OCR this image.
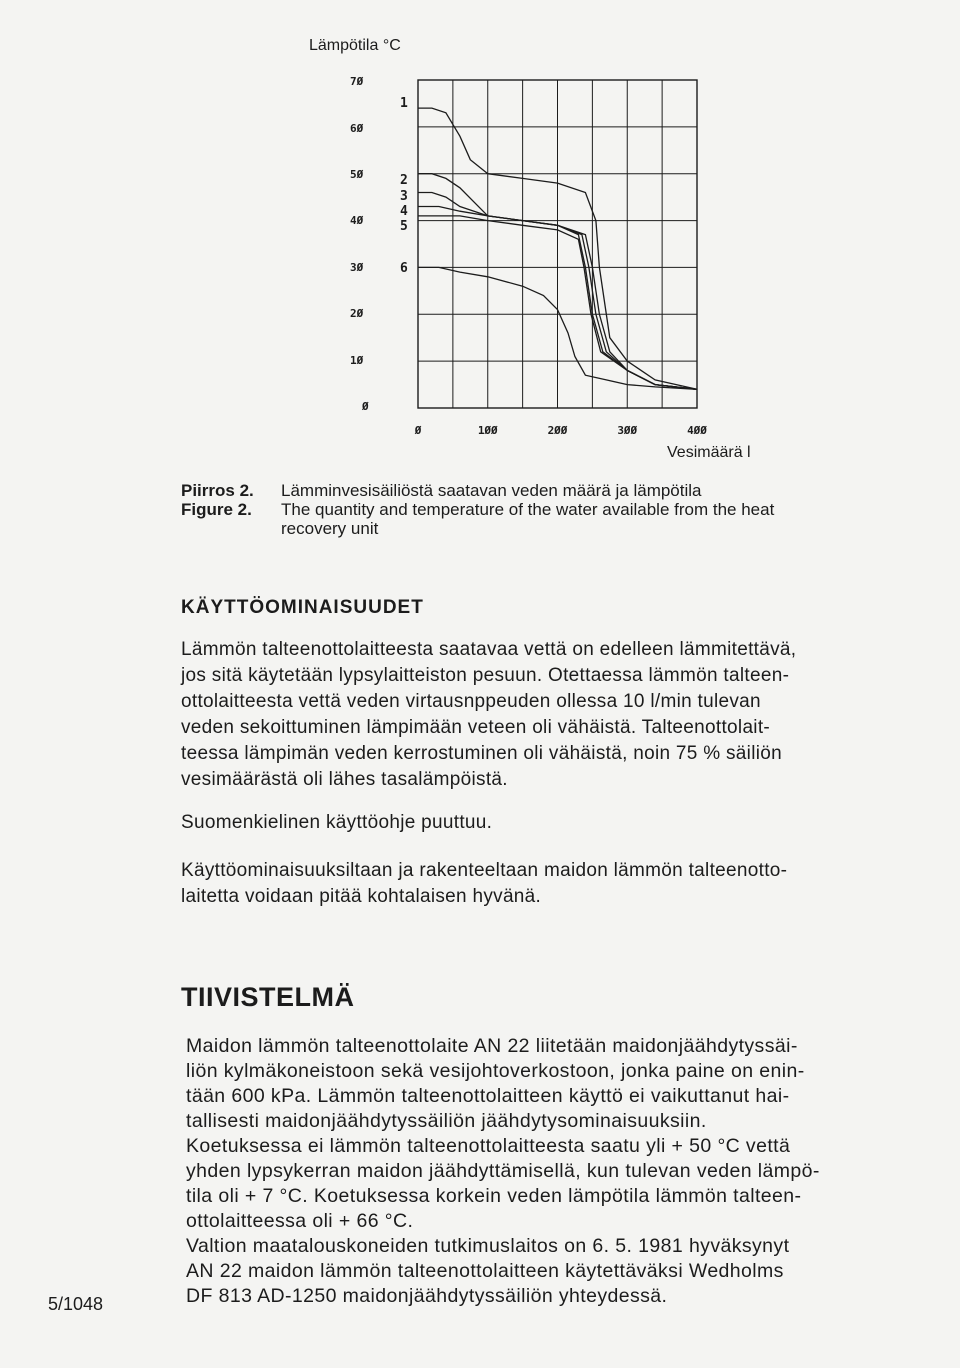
Lämpötila °C
7Ø
6Ø
5Ø
4Ø
3Ø
2Ø
1Ø
Ø
1
2
3
4
5
6
Ø	1ØØ	2ØØ	3ØØ	4ØØ
Vesimäärä l
Piirros 2. Lämminvesisäiliöstä saatavan veden määrä ja lämpötila
Figure 2. The quantity and temperature of the water available from the heat
recovery unit
KÄYTTÖOMINAISUUDET

Lämmön talteenottolaitteesta saatavaa vettä on edelleen lämmitettävä,

jos sitä käytetään lypsylaitteiston pesuun. Otettaessa lämmön talteen-

ottolaitteesta vettä veden virtausnppeuden ollessa 10 l/min tulevan

veden sekoittuminen lämpimään veteen oli vähäistä. Talteenottolait-

teessa lämpimän veden kerrostuminen oli vähäistä, noin 75 % säiliön

vesimäärästä oli lähes tasalämpöistä.

Suomenkielinen käyttöohje puuttuu.

Käyttöominaisuuksiltaan ja rakenteeltaan maidon lämmön talteenotto-

laitetta voidaan pitää kohtalaisen hyvänä.

TIIVISTELMÄ

Maidon lämmön talteenottolaite AN 22 liitetään maidonjäähdytyssäi-

liön kylmäkoneistoon sekä vesijohtoverkostoon, jonka paine on enin-

tään 600 kPa. Lämmön talteenottolaitteen käyttö ei vaikuttanut hai-

tallisesti maidonjäähdytyssäiliön jäähdytysominaisuuksiin.

Koetuksessa ei lämmön talteenottolaitteesta saatu yli + 50 °C vettä

yhden lypsykerran maidon jäähdyttämisellä, kun tulevan veden lämpö-

tila oli + 7 °C. Koetuksessa korkein veden lämpötila lämmön talteen-

ottolaitteessa oli + 66 °C.

Valtion maatalouskoneiden tutkimuslaitos on 6. 5. 1981 hyväksynyt

AN 22 maidon lämmön talteenottolaitteen käytettäväksi Wedholms

DF 813 AD-1250 maidonjäähdytyssäiliön yhteydessä.

5/1048
